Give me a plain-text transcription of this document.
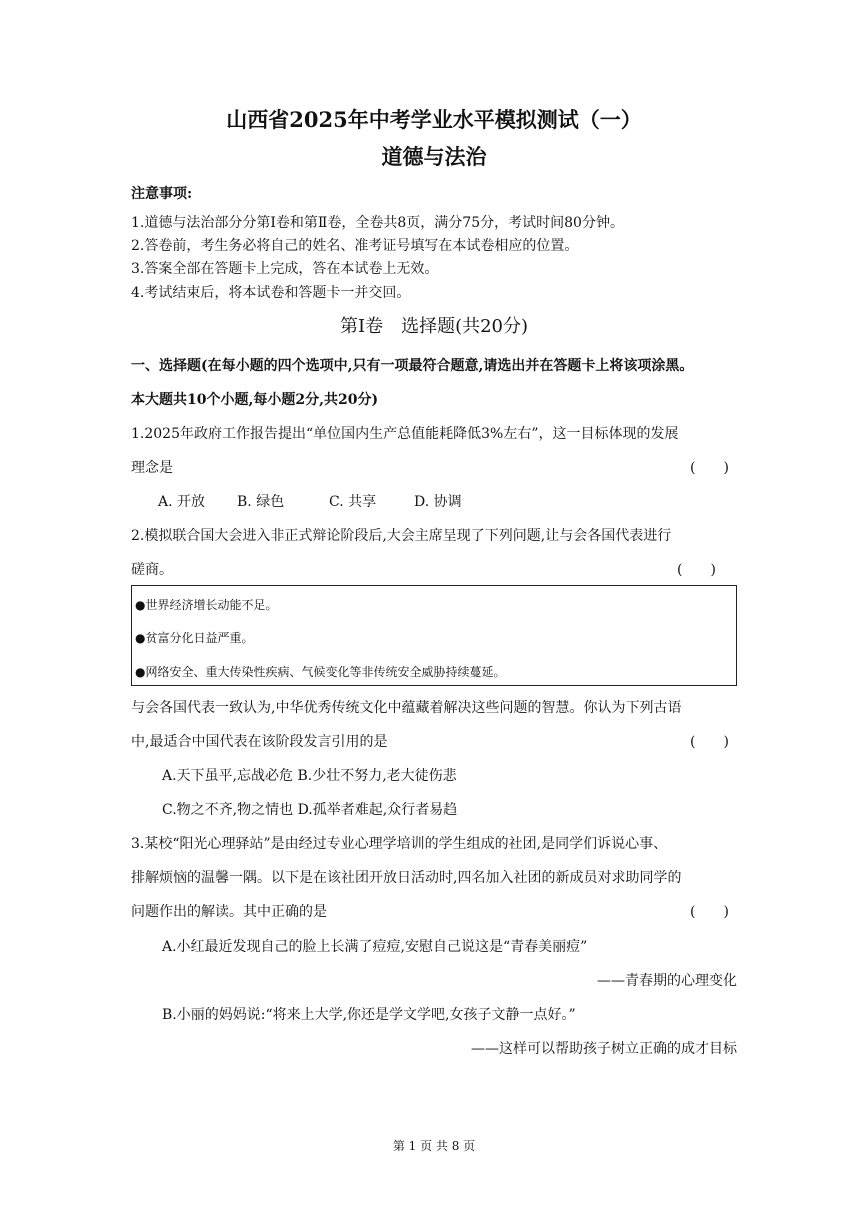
山西省2025年中考学业水平模拟测试（一）
道德与法治
注意事项:
1.道德与法治部分分第Ⅰ卷和第Ⅱ卷，全卷共8页，满分75分，考试时间80分钟。
2.答卷前，考生务必将自己的姓名、准考证号填写在本试卷相应的位置。
3.答案全部在答题卡上完成，答在本试卷上无效。
4.考试结束后，将本试卷和答题卡一并交回。
第Ⅰ卷　选择题(共20分)
一、选择题(在每小题的四个选项中,只有一项最符合题意,请选出并在答题卡上将该项涂黑。
本大题共10个小题,每小题2分,共20分)
1.2025年政府工作报告提出“单位国内生产总值能耗降低3%左右”，这一目标体现的发展
理念是	(　　)
A. 开放 B. 绿色	C. 共享	D. 协调
2.模拟联合国大会进入非正式辩论阶段后,大会主席呈现了下列问题,让与会各国代表进行
磋商。	(　　)
●世界经济增长动能不足。
●贫富分化日益严重。
●网络安全、重大传染性疾病、气候变化等非传统安全威胁持续蔓延。
与会各国代表一致认为,中华优秀传统文化中蕴藏着解决这些问题的智慧。你认为下列古语
中,最适合中国代表在该阶段发言引用的是	(　　)
A.天下虽平,忘战必危 B.少壮不努力,老大徒伤悲
C.物之不齐,物之情也 D.孤举者难起,众行者易趋
3.某校“阳光心理驿站”是由经过专业心理学培训的学生组成的社团,是同学们诉说心事、
排解烦恼的温馨一隅。以下是在该社团开放日活动时,四名加入社团的新成员对求助同学的
问题作出的解读。其中正确的是	(　　)
A.小红最近发现自己的脸上长满了痘痘,安慰自己说这是“青春美丽痘”
——青春期的心理变化
B.小丽的妈妈说:“将来上大学,你还是学文学吧,女孩子文静一点好。”
——这样可以帮助孩子树立正确的成才目标
第 1 页 共 8 页
